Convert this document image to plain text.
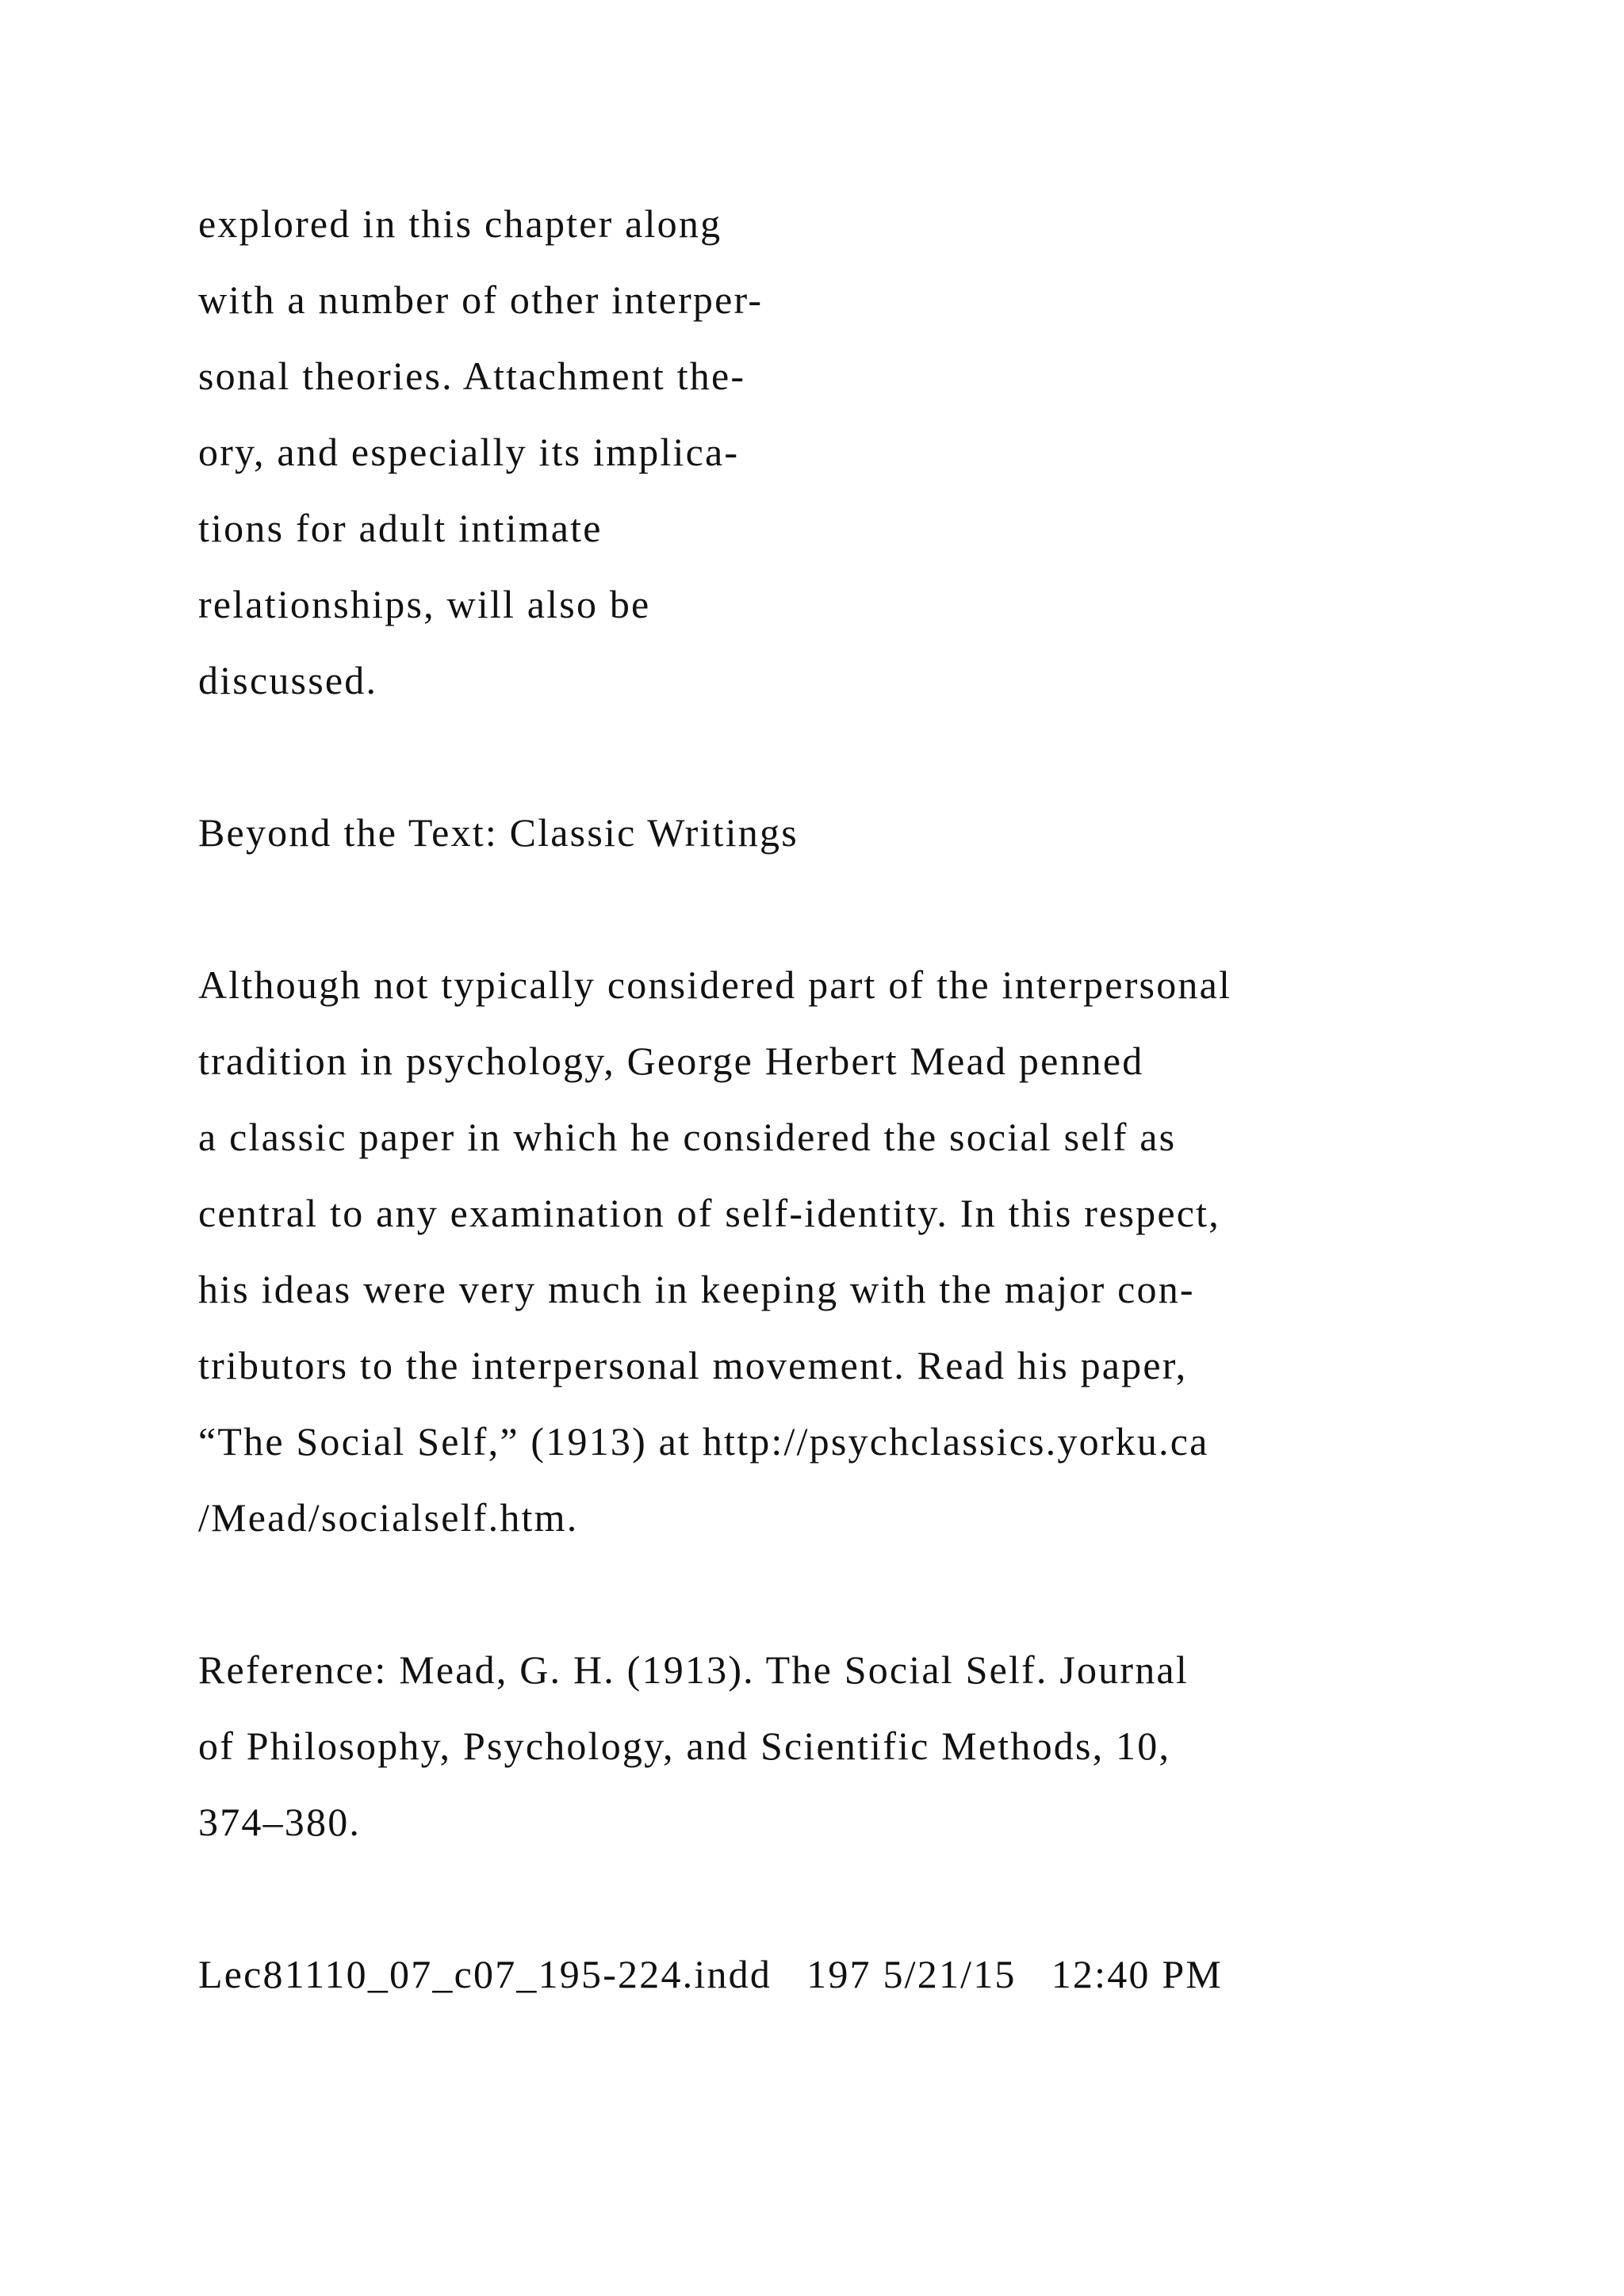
explored in this chapter along

with a number of other interper-

sonal theories. Attachment the-

ory, and especially its implica-

tions for adult intimate

relationships, will also be

discussed.

Beyond the Text: Classic Writings

Although not typically considered part of the interpersonal

tradition in psychology, George Herbert Mead penned

a classic paper in which he considered the social self as

central to any examination of self-identity. In this respect,

his ideas were very much in keeping with the major con-

tributors to the interpersonal movement. Read his paper,

“The Social Self,” (1913) at http://psychclassics.yorku.ca

/Mead/socialself.htm.

Reference: Mead, G. H. (1913). The Social Self. Journal

of Philosophy, Psychology, and Scientific Methods, 10,

374–380.

Lec81110_07_c07_195-224.indd   197 5/21/15   12:40 PM
